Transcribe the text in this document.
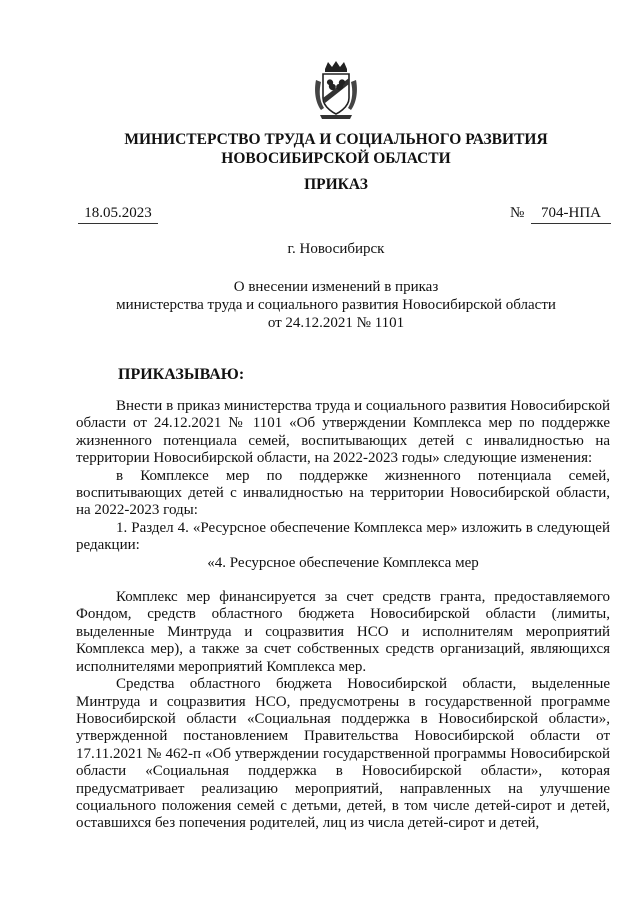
МИНИСТЕРСТВО ТРУДА И СОЦИАЛЬНОГО РАЗВИТИЯ
НОВОСИБИРСКОЙ ОБЛАСТИ
ПРИКАЗ
18.05.2023	№	704-НПА
г. Новосибирск
О внесении изменений в приказ
министерства труда и социального развития Новосибирской области
от 24.12.2021 № 1101
ПРИКАЗЫВАЮ:

Внести в приказ министерства труда и социального развития Новосибирской области от 24.12.2021 № 1101 «Об утверждении Комплекса мер по поддержке жизненного потенциала семей, воспитывающих детей с инвалидностью на территории Новосибирской области, на 2022-2023 годы» следующие изменения:

в Комплексе мер по поддержке жизненного потенциала семей, воспитывающих детей с инвалидностью на территории Новосибирской области, на 2022-2023 годы:

1. Раздел 4. «Ресурсное обеспечение Комплекса мер» изложить в следующей редакции:

«4. Ресурсное обеспечение Комплекса мер

Комплекс мер финансируется за счет средств гранта, предоставляемого Фондом, средств областного бюджета Новосибирской области (лимиты, выделенные Минтруда и соцразвития НСО и исполнителям мероприятий Комплекса мер), а также за счет собственных средств организаций, являющихся исполнителями мероприятий Комплекса мер.

Средства областного бюджета Новосибирской области, выделенные Минтруда и соцразвития НСО, предусмотрены в государственной программе Новосибирской области «Социальная поддержка в Новосибирской области», утвержденной постановлением Правительства Новосибирской области от 17.11.2021 № 462-п «Об утверждении государственной программы Новосибирской области «Социальная поддержка в Новосибирской области», которая предусматривает реализацию мероприятий, направленных на улучшение социального положения семей с детьми, детей, в том числе детей-сирот и детей, оставшихся без попечения родителей, лиц из числа детей-сирот и детей,
